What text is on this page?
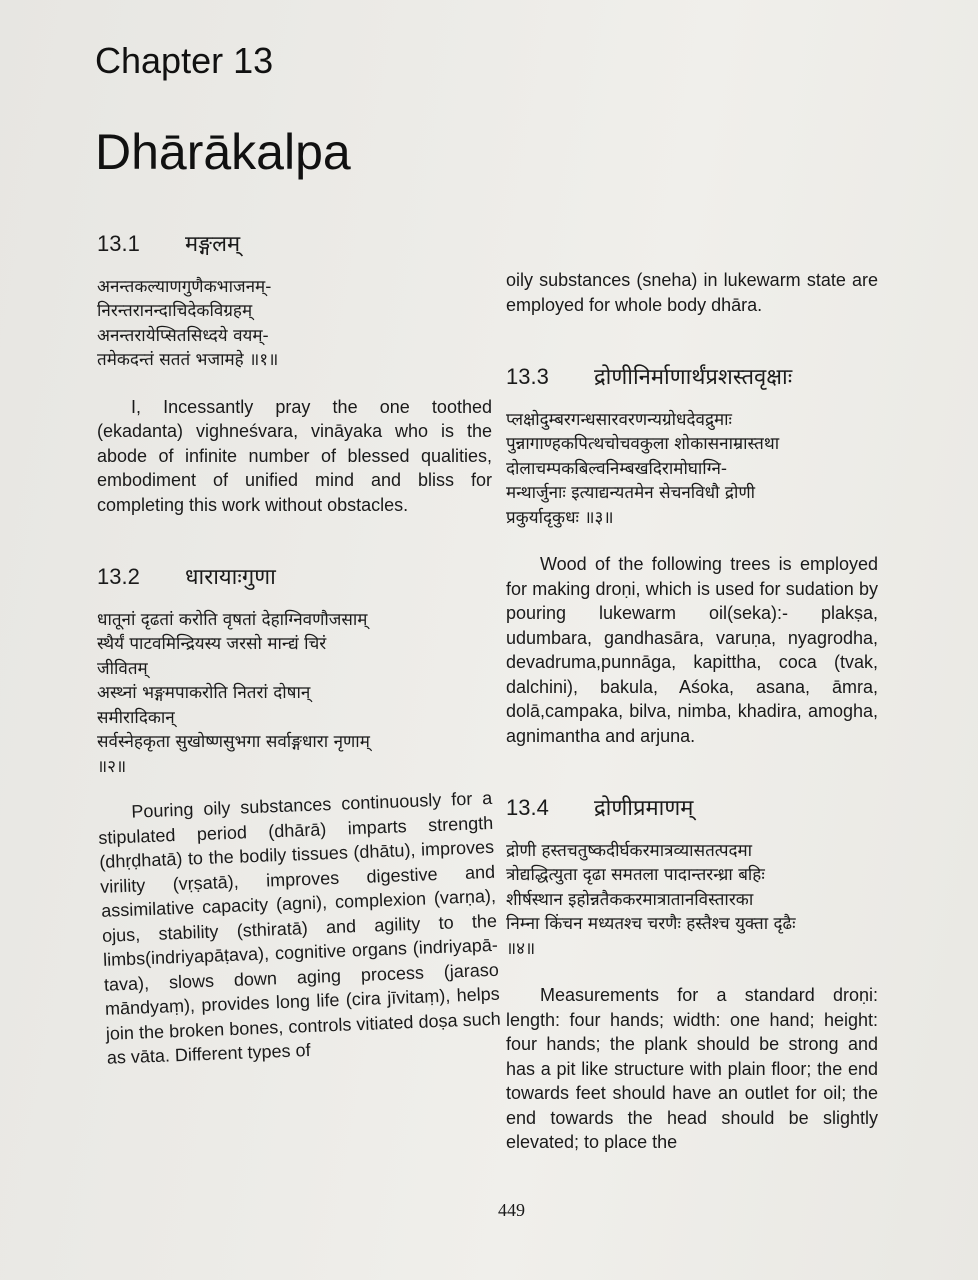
Chapter 13
Dhārākalpa
13.1 मङ्गलम्
अनन्तकल्याणगुणैकभाजनम्-
निरन्तरानन्दाचिदेकविग्रहम्
अनन्तरायेप्सितसिध्दये वयम्-
तमेकदन्तं सततं भजामहे ॥१॥

I, Incessantly pray the one toothed (ekadanta) vighneśvara, vināyaka who is the abode of infinite number of blessed qualities, embodiment of unified mind and bliss for completing this work without obstacles.

13.2 धारायाःगुणा
धातूनां दृढतां करोति वृषतां देहाग्निवणौजसाम्
स्थैर्यं पाटवमिन्द्रियस्य जरसो मान्द्यं चिरं
जीवितम्
अस्थ्नां भङ्गमपाकरोति नितरां दोषान्
समीरादिकान्
सर्वस्नेहकृता सुखोष्णसुभगा सर्वाङ्गधारा नृणाम्
॥२॥

Pouring oily substances continuously for a stipulated period (dhārā) imparts strength (dhṛḍhatā) to the bodily tissues (dhātu), improves virility (vṛṣatā), improves digestive and assimilative capacity (agni), complexion (varṇa), ojus, stability (sthiratā) and agility to the limbs(indriyapāṭava), cognitive organs (indriyapā- tava), slows down aging process (jaraso māndyaṃ), provides long life (cira jīvitaṃ), helps join the broken bones, controls vitiated doṣa such as vāta. Different types of

oily substances (sneha) in lukewarm state are employed for whole body dhāra.

13.3 द्रोणीनिर्माणार्थंप्रशस्तवृक्षाः
प्लक्षोदुम्बरगन्धसारवरणन्यग्रोधदेवद्रुमाः
पुन्नागाण्हकपित्थचोचवकुला शोकासनाम्रास्तथा
दोलाचम्पकबिल्वनिम्बखदिरामोघाग्नि-
मन्थार्जुनाः इत्याद्यन्यतमेन सेचनविधौ द्रोणी
प्रकुर्यादृकुधः ॥३॥

Wood of the following trees is employed for making droṇi, which is used for sudation by pouring lukewarm oil(seka):- plakṣa, udumbara, gandhasāra, varuṇa, nyagrodha, devadruma,punnāga, kapittha, coca (tvak, dalchini), bakula, Aśoka, asana, āmra, dolā,campaka, bilva, nimba, khadira, amogha, agnimantha and arjuna.

13.4 द्रोणीप्रमाणम्
द्रोणी हस्तचतुष्कदीर्घकरमात्रव्यासतत्पदमा
त्रोद्यद्धित्युता दृढा समतला पादान्तरन्ध्रा बहिः
शीर्षस्थान इहोन्नतैककरमात्रातानविस्तारका
निम्ना किंचन मध्यतश्च चरणैः हस्तैश्च युक्ता दृढैः
॥४॥

Measurements for a standard droṇi: length: four hands; width: one hand; height: four hands; the plank should be strong and has a pit like structure with plain floor; the end towards feet should have an outlet for oil; the end towards the head should be slightly elevated; to place the

449
